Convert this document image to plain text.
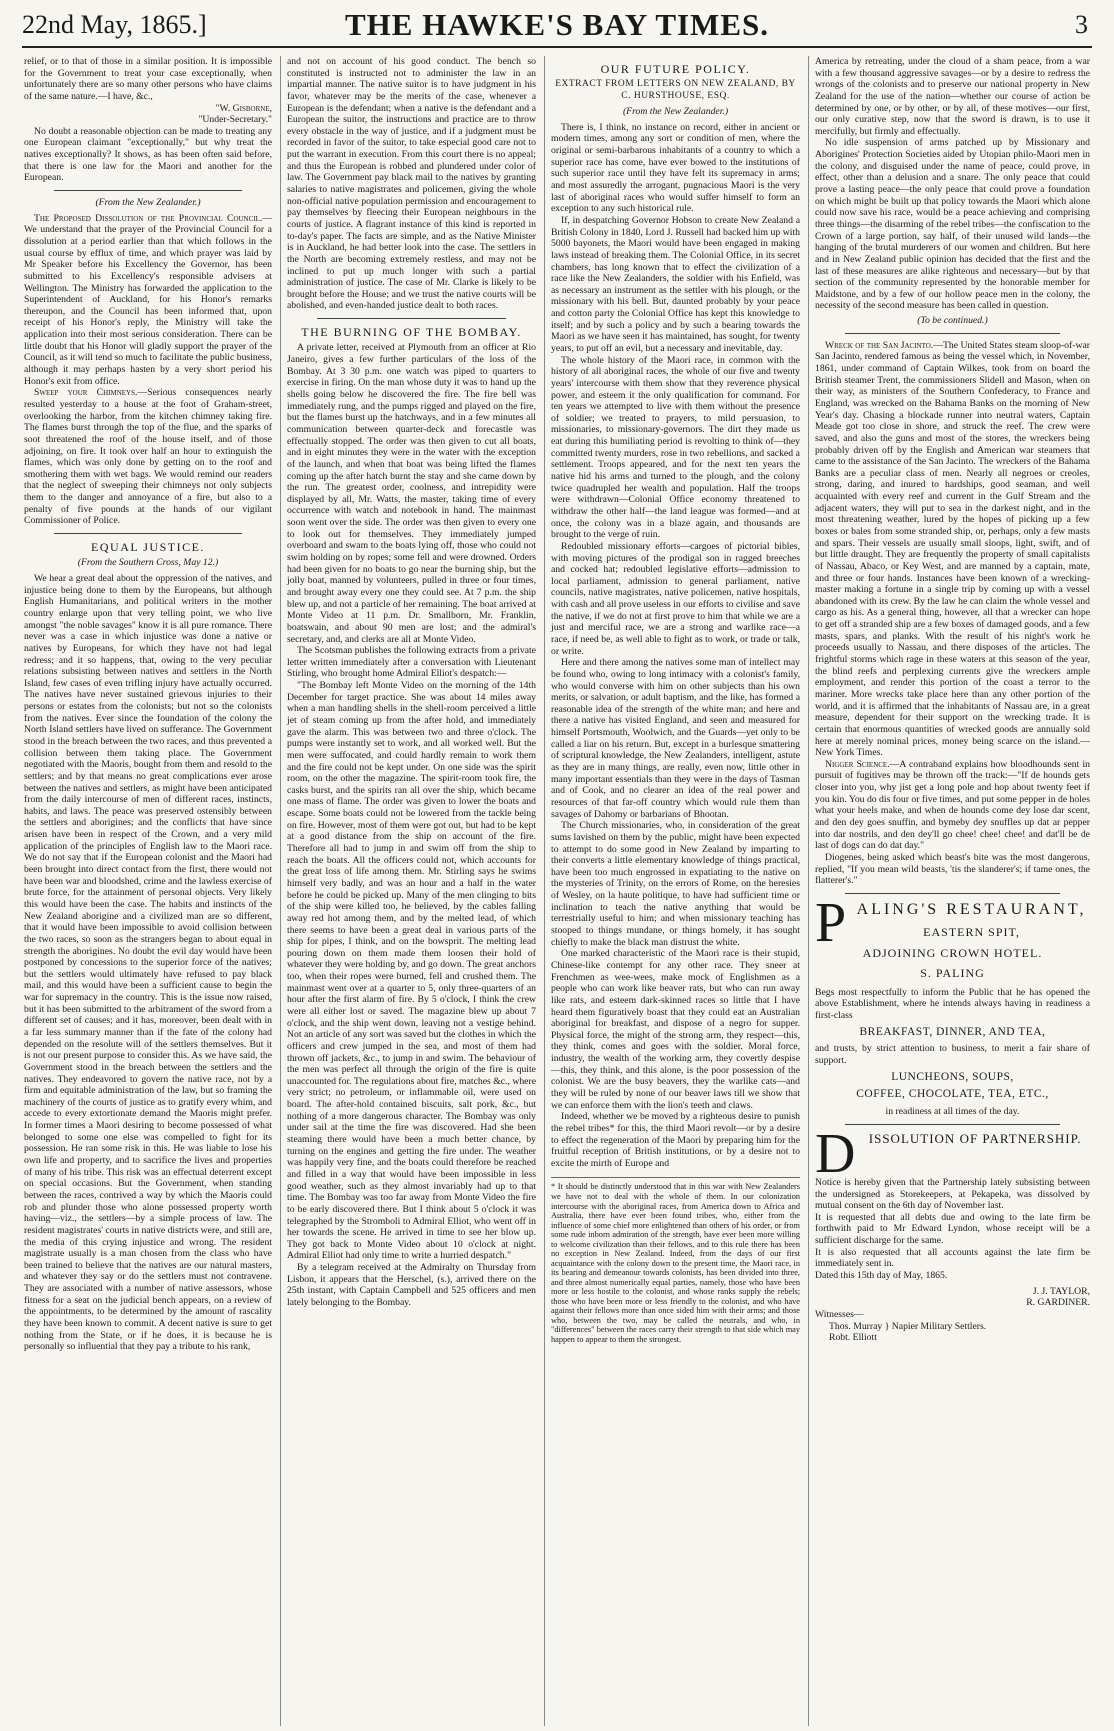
22nd May, 1865.]	THE HAWKE'S BAY TIMES.	3

relief, or to that of those in a similar position. It is impossible for the Government to treat your case exceptionally, when unfortunately there are so many other persons who have claims of the same nature.—I have, &c.,

"W. Gisborne,

"Under-Secretary."

No doubt a reasonable objection can be made to treating any one European claimant "exceptionally," but why treat the natives exceptionally? It shows, as has been often said before, that there is one law for the Maori and another for the European.

(From the New Zealander.)

The Proposed Dissolution of the Provincial Council.—We understand that the prayer of the Provincial Council for a dissolution at a period earlier than that which follows in the usual course by efflux of time, and which prayer was laid by Mr Speaker before his Excellency the Governor, has been submitted to his Excellency's responsible advisers at Wellington. The Ministry has forwarded the application to the Superintendent of Auckland, for his Honor's remarks thereupon, and the Council has been informed that, upon receipt of his Honor's reply, the Ministry will take the application into their most serious consideration. There can be little doubt that his Honor will gladly support the prayer of the Council, as it will tend so much to facilitate the public business, although it may perhaps hasten by a very short period his Honor's exit from office.

Sweep your Chimneys.—Serious consequences nearly resulted yesterday to a house at the foot of Graham-street, overlooking the harbor, from the kitchen chimney taking fire. The flames burst through the top of the flue, and the sparks of soot threatened the roof of the house itself, and of those adjoining, on fire. It took over half an hour to extinguish the flames, which was only done by getting on to the roof and smothering them with wet bags. We would remind our readers that the neglect of sweeping their chimneys not only subjects them to the danger and annoyance of a fire, but also to a penalty of five pounds at the hands of our vigilant Commissioner of Police.

EQUAL JUSTICE.
(From the Southern Cross, May 12.)

We hear a great deal about the oppression of the natives, and injustice being done to them by the Europeans, but although English Humanitarians, and political writers in the mother country enlarge upon that very telling point, we who live amongst "the noble savages" know it is all pure romance. There never was a case in which injustice was done a native or natives by Europeans, for which they have not had legal redress; and it so happens, that, owing to the very peculiar relations subsisting between natives and settlers in the North Island, few cases of even trifling injury have actually occurred. The natives have never sustained grievous injuries to their persons or estates from the colonists; but not so the colonists from the natives. Ever since the foundation of the colony the North Island settlers have lived on sufferance. The Government stood in the breach between the two races, and thus prevented a collision between them taking place. The Government negotiated with the Maoris, bought from them and resold to the settlers; and by that means no great complications ever arose between the natives and settlers, as might have been anticipated from the daily intercourse of men of different races, instincts, habits, and laws. The peace was preserved ostensibly between the settlers and aborigines; and the conflicts that have since arisen have been in respect of the Crown, and a very mild application of the principles of English law to the Maori race. We do not say that if the European colonist and the Maori had been brought into direct contact from the first, there would not have been war and bloodshed, crime and the lawless exercise of brute force, for the attainment of personal objects. Very likely this would have been the case. The habits and instincts of the New Zealand aborigine and a civilized man are so different, that it would have been impossible to avoid collision between the two races, so soon as the strangers began to about equal in strength the aborigines. No doubt the evil day would have been postponed by concessions to the superior force of the natives; but the settlers would ultimately have refused to pay black mail, and this would have been a sufficient cause to begin the war for supremacy in the country. This is the issue now raised, but it has been submitted to the arbitrament of the sword from a different set of causes; and it has, moreover, been dealt with in a far less summary manner than if the fate of the colony had depended on the resolute will of the settlers themselves. But it is not our present purpose to consider this. As we have said, the Government stood in the breach between the settlers and the natives. They endeavored to govern the native race, not by a firm and equitable administration of the law, but so framing the machinery of the courts of justice as to gratify every whim, and accede to every extortionate demand the Maoris might prefer. In former times a Maori desiring to become possessed of what belonged to some one else was compelled to fight for its possession. He ran some risk in this. He was liable to lose his own life and property, and to sacrifice the lives and properties of many of his tribe. This risk was an effectual deterrent except on special occasions. But the Government, when standing between the races, contrived a way by which the Maoris could rob and plunder those who alone possessed property worth having—viz., the settlers—by a simple process of law. The resident magistrates' courts in native districts were, and still are, the media of this crying injustice and wrong. The resident magistrate usually is a man chosen from the class who have been trained to believe that the natives are our natural masters, and whatever they say or do the settlers must not contravene. They are associated with a number of native assessors, whose fitness for a seat on the judicial bench appears, on a review of the appointments, to be determined by the amount of rascality they have been known to commit. A decent native is sure to get nothing from the State, or if he does, it is because he is personally so influential that they pay a tribute to his rank,

and not on account of his good conduct. The bench so constituted is instructed not to administer the law in an impartial manner. The native suitor is to have judgment in his favor, whatever may be the merits of the case, whenever a European is the defendant; when a native is the defendant and a European the suitor, the instructions and practice are to throw every obstacle in the way of justice, and if a judgment must be recorded in favor of the suitor, to take especial good care not to put the warrant in execution. From this court there is no appeal; and thus the European is robbed and plundered under color of law. The Government pay black mail to the natives by granting salaries to native magistrates and policemen, giving the whole non-official native population permission and encouragement to pay themselves by fleecing their European neighbours in the courts of justice. A flagrant instance of this kind is reported in to-day's paper. The facts are simple, and as the Native Minister is in Auckland, he had better look into the case. The settlers in the North are becoming extremely restless, and may not be inclined to put up much longer with such a partial administration of justice. The case of Mr. Clarke is likely to be brought before the House; and we trust the native courts will be abolished, and even-handed justice dealt to both races.

THE BURNING OF THE BOMBAY.

A private letter, received at Plymouth from an officer at Rio Janeiro, gives a few further particulars of the loss of the Bombay. At 3 30 p.m. one watch was piped to quarters to exercise in firing. On the man whose duty it was to hand up the shells going below he discovered the fire. The fire bell was immediately rung, and the pumps rigged and played on the fire, but the flames burst up the hatchways, and in a few minutes all communication between quarter-deck and forecastle was effectually stopped. The order was then given to cut all boats, and in eight minutes they were in the water with the exception of the launch, and when that boat was being lifted the flames coming up the after hatch burnt the stay and she came down by the run. The greatest order, coolness, and intrepidity were displayed by all, Mr. Watts, the master, taking time of every occurrence with watch and notebook in hand. The mainmast soon went over the side. The order was then given to every one to look out for themselves. They immediately jumped overboard and swam to the boats lying off, those who could not swim holding on by ropes; some fell and were drowned. Orders had been given for no boats to go near the burning ship, but the jolly boat, manned by volunteers, pulled in three or four times, and brought away every one they could see. At 7 p.m. the ship blew up, and not a particle of her remaining. The boat arrived at Monte Video at 11 p.m. Dr. Smallborn, Mr. Franklin, boatswain, and about 90 men are lost; and the admiral's secretary, and, and clerks are all at Monte Video.

The Scotsman publishes the following extracts from a private letter written immediately after a conversation with Lieutenant Stirling, who brought home Admiral Elliot's despatch:—

"The Bombay left Monte Video on the morning of the 14th December for target practice. She was about 14 miles away when a man handling shells in the shell-room perceived a little jet of steam coming up from the after hold, and immediately gave the alarm. This was between two and three o'clock. The pumps were instantly set to work, and all worked well. But the men were suffocated, and could hardly remain to work them and the fire could not be kept under. On one side was the spirit room, on the other the magazine. The spirit-room took fire, the casks burst, and the spirits ran all over the ship, which became one mass of flame. The order was given to lower the boats and escape. Some boats could not be lowered from the tackle being on fire. However, most of them were got out, but had to be kept at a good distance from the ship on account of the fire. Therefore all had to jump in and swim off from the ship to reach the boats. All the officers could not, which accounts for the great loss of life among them. Mr. Stirling says he swims himself very badly, and was an hour and a half in the water before he could be picked up. Many of the men clinging to bits of the ship were killed too, he believed, by the cables falling away red hot among them, and by the melted lead, of which there seems to have been a great deal in various parts of the ship for pipes, I think, and on the bowsprit. The melting lead pouring down on them made them loosen their hold of whatever they were holding by, and go down. The great anchors too, when their ropes were burned, fell and crushed them. The mainmast went over at a quarter to 5, only three-quarters of an hour after the first alarm of fire. By 5 o'clock, I think the crew were all either lost or saved. The magazine blew up about 7 o'clock, and the ship went down, leaving not a vestige behind. Not an article of any sort was saved but the clothes in which the officers and crew jumped in the sea, and most of them had thrown off jackets, &c., to jump in and swim. The behaviour of the men was perfect all through the origin of the fire is quite unaccounted for. The regulations about fire, matches &c., where very strict; no petroleum, or inflammable oil, were used on board. The after-hold contained biscuits, salt pork, &c., but nothing of a more dangerous character. The Bombay was only under sail at the time the fire was discovered. Had she been steaming there would have been a much better chance, by turning on the engines and getting the fire under. The weather was happily very fine, and the boats could therefore be reached and filled in a way that would have been impossible in less good weather, such as they almost invariably had up to that time. The Bombay was too far away from Monte Video the fire to be early discovered there. But I think about 5 o'clock it was telegraphed by the Stromboli to Admiral Elliot, who went off in her towards the scene. He arrived in time to see her blow up. They got back to Monte Video about 10 o'clock at night. Admiral Elliot had only time to write a hurried despatch."

By a telegram received at the Admiralty on Thursday from Lisbon, it appears that the Herschel, (s.), arrived there on the 25th instant, with Captain Campbell and 525 officers and men lately belonging to the Bombay.

OUR FUTURE POLICY.
EXTRACT FROM LETTERS ON NEW ZEALAND, BY C. HURSTHOUSE, ESQ.
(From the New Zealander.)

There is, I think, no instance on record, either in ancient or modern times, among any sort or condition of men, where the original or semi-barbarous inhabitants of a country to which a superior race has come, have ever bowed to the institutions of such superior race until they have felt its supremacy in arms; and most assuredly the arrogant, pugnacious Maori is the very last of aboriginal races who would suffer himself to form an exception to any such historical rule.

If, in despatching Governor Hobson to create New Zealand a British Colony in 1840, Lord J. Russell had backed him up with 5000 bayonets, the Maori would have been engaged in making laws instead of breaking them. The Colonial Office, in its secret chambers, has long known that to effect the civilization of a race like the New Zealanders, the soldier with his Enfield, was as necessary an instrument as the settler with his plough, or the missionary with his bell. But, daunted probably by your peace and cotton party the Colonial Office has kept this knowledge to itself; and by such a policy and by such a bearing towards the Maori as we have seen it has maintained, has sought, for twenty years, to put off an evil, but a necessary and inevitable, day.

The whole history of the Maori race, in common with the history of all aboriginal races, the whole of our five and twenty years' intercourse with them show that they reverence physical power, and esteem it the only qualification for command. For ten years we attempted to live with them without the presence of soldier; we treated to prayers, to mild persuasion, to missionaries, to missionary-governors. The dirt they made us eat during this humiliating period is revolting to think of—they committed twenty murders, rose in two rebellions, and sacked a settlement. Troops appeared, and for the next ten years the native hid his arms and turned to the plough, and the colony twice quadrupled her wealth and population. Half the troops were withdrawn—Colonial Office economy threatened to withdraw the other half—the land league was formed—and at once, the colony was in a blaze again, and thousands are brought to the verge of ruin.

Redoubled missionary efforts—cargoes of pictorial bibles, with moving pictures of the prodigal son in ragged breeches and cocked hat; redoubled legislative efforts—admission to local parliament, admission to general parliament, native councils, native magistrates, native policemen, native hospitals, with cash and all prove useless in our efforts to civilise and save the native, if we do not at first prove to him that while we are a just and merciful race, we are a strong and warlike race—a race, if need be, as well able to fight as to work, or trade or talk, or write.

Here and there among the natives some man of intellect may be found who, owing to long intimacy with a colonist's family, who would converse with him on other subjects than his own merits, or salvation, or adult baptism, and the like, has formed a reasonable idea of the strength of the white man; and here and there a native has visited England, and seen and measured for himself Portsmouth, Woolwich, and the Guards—yet only to be called a liar on his return. But, except in a burlesque smattering of scriptural knowledge, the New Zealanders, intelligent, astute as they are in many things, are really, even now, little other in many important essentials than they were in the days of Tasman and of Cook, and no clearer an idea of the real power and resources of that far-off country which would rule them than savages of Dahomy or barbarians of Bhootan.

The Church missionaries, who, in consideration of the great sums lavished on them by the public, might have been expected to attempt to do some good in New Zealand by imparting to their converts a little elementary knowledge of things practical, have been too much engrossed in expatiating to the native on the mysteries of Trinity, on the errors of Rome, on the heresies of Wesley, on la haute politique, to have had sufficient time or inclination to teach the native anything that would be terrestrially useful to him; and when missionary teaching has stooped to things mundane, or things homely, it has sought chiefly to make the black man distrust the white.

One marked characteristic of the Maori race is their stupid, Chinese-like contempt for any other race. They sneer at Frenchmen as wee-wees, make mock of Englishmen as a people who can work like beaver rats, but who can run away like rats, and esteem dark-skinned races so little that I have heard them figuratively boast that they could eat an Australian aboriginal for breakfast, and dispose of a negro for supper. Physical force, the might of the strong arm, they respect—this, they think, comes and goes with the soldier. Moral force, industry, the wealth of the working arm, they covertly despise—this, they think, and this alone, is the poor possession of the colonist. We are the busy beavers, they the warlike cats—and they will be ruled by none of our beaver laws till we show that we can enforce them with the lion's teeth and claws.

Indeed, whether we be moved by a righteous desire to punish the rebel tribes* for this, the third Maori revolt—or by a desire to effect the regeneration of the Maori by preparing him for the fruitful reception of British institutions, or by a desire not to excite the mirth of Europe and

* It should be distinctly understood that in this war with New Zealanders we have not to deal with the whole of them. In our colonization intercourse with the aboriginal races, from America down to Africa and Australia, there have ever been found tribes, who, either from the influence of some chief more enlightened than others of his order, or from some rude inborn admiration of the strength, have ever been more willing to welcome civilization than their fellows, and to this rule there has been no exception in New Zealand. Indeed, from the days of our first acquaintance with the colony down to the present time, the Maori race, in its bearing and demeanour towards colonists, has been divided into three, and three almost numerically equal parties, namely, those who have been more or less hostile to the colonist, and whose ranks supply the rebels; those who have been more or less friendly to the colonist, and who have against their fellows more than once sided him with their arms; and those who, between the two, may be called the neutrals, and who, in "differences" between the races carry their strength to that side which may happen to appear to them the strongest.

America by retreating, under the cloud of a sham peace, from a war with a few thousand aggressive savages—or by a desire to redress the wrongs of the colonists and to preserve our national property in New Zealand for the use of the nation—whether our course of action be determined by one, or by other, or by all, of these motives—our first, our only curative step, now that the sword is drawn, is to use it mercifully, but firmly and effectually.

No idle suspension of arms patched up by Missionary and Aborigines' Protection Societies aided by Utopian philo-Maori men in the colony, and disguised under the name of peace, could prove, in effect, other than a delusion and a snare. The only peace that could prove a lasting peace—the only peace that could prove a foundation on which might be built up that policy towards the Maori which alone could now save his race, would be a peace achieving and comprising three things—the disarming of the rebel tribes—the confiscation to the Crown of a large portion, say half, of their unused wild lands—the hanging of the brutal murderers of our women and children. But here and in New Zealand public opinion has decided that the first and the last of these measures are alike righteous and necessary—but by that section of the community represented by the honorable member for Maidstone, and by a few of our hollow peace men in the colony, the necessity of the second measure has been called in question.

(To be continued.)

Wreck of the San Jacinto.—The United States steam sloop-of-war San Jacinto, rendered famous as being the vessel which, in November, 1861, under command of Captain Wilkes, took from on board the British steamer Trent, the commissioners Slidell and Mason, when on their way, as ministers of the Southern Confederacy, to France and England, was wrecked on the Bahama Banks on the morning of New Year's day. Chasing a blockade runner into neutral waters, Captain Meade got too close in shore, and struck the reef. The crew were saved, and also the guns and most of the stores, the wreckers being probably driven off by the English and American war steamers that came to the assistance of the San Jacinto. The wreckers of the Bahama Banks are a peculiar class of men. Nearly all negroes or creoles, strong, daring, and inured to hardships, good seaman, and well acquainted with every reef and current in the Gulf Stream and the adjacent waters, they will put to sea in the darkest night, and in the most threatening weather, lured by the hopes of picking up a few boxes or bales from some stranded ship, or, perhaps, only a few masts and spars. Their vessels are usually small sloops, light, swift, and of but little draught. They are frequently the property of small capitalists of Nassau, Abaco, or Key West, and are manned by a captain, mate, and three or four hands. Instances have been known of a wrecking-master making a fortune in a single trip by coming up with a vessel abandoned with its crew. By the law he can claim the whole vessel and cargo as his. As a general thing, however, all that a wrecker can hope to get off a stranded ship are a few boxes of damaged goods, and a few masts, spars, and planks. With the result of his night's work he proceeds usually to Nassau, and there disposes of the articles. The frightful storms which rage in these waters at this season of the year, the blind reefs and perplexing currents give the wreckers ample employment, and render this portion of the coast a terror to the mariner. More wrecks take place here than any other portion of the world, and it is affirmed that the inhabitants of Nassau are, in a great measure, dependent for their support on the wrecking trade. It is certain that enormous quantities of wrecked goods are annually sold here at merely nominal prices, money being scarce on the island.—New York Times.

Nigger Science.—A contraband explains how bloodhounds sent in pursuit of fugitives may be thrown off the track:—"If de hounds gets closer into you, why jist get a long pole and hop about twenty feet if you kin. You do dis four or five times, and put some pepper in de holes what your heels make, and when de hounds come dey lose dar scent, and den dey goes snuffin, and bymeby dey snuffles up dat ar pepper into dar nostrils, and den dey'll go chee! chee! chee! and dat'll be de last of dogs can do dat day."

Diogenes, being asked which beast's bite was the most dangerous, replied, "If you mean wild beasts, 'tis the slanderer's; if tame ones, the flatterer's."

PALING'S RESTAURANT,
EASTERN SPIT,
ADJOINING CROWN HOTEL.
S. PALING

Begs most respectfully to inform the Public that he has opened the above Establishment, where he intends always having in readiness a first-class

BREAKFAST, DINNER, AND TEA,

and trusts, by strict attention to business, to merit a fair share of support.

LUNCHEONS, SOUPS,
COFFEE, CHOCOLATE, TEA, ETC.,
in readiness at all times of the day.
DISSOLUTION OF PARTNERSHIP.

Notice is hereby given that the Partnership lately subsisting between the undersigned as Storekeepers, at Pekapeka, was dissolved by mutual consent on the 6th day of November last.

It is requested that all debts due and owing to the late firm be forthwith paid to Mr Edward Lyndon, whose receipt will be a sufficient discharge for the same.

It is also requested that all accounts against the late firm be immediately sent in.

Dated this 15th day of May, 1865.

J. J. TAYLOR,
R. GARDINER.
Witnesses—
Thos. Murray } Napier Military Settlers.
Robt. Elliott
